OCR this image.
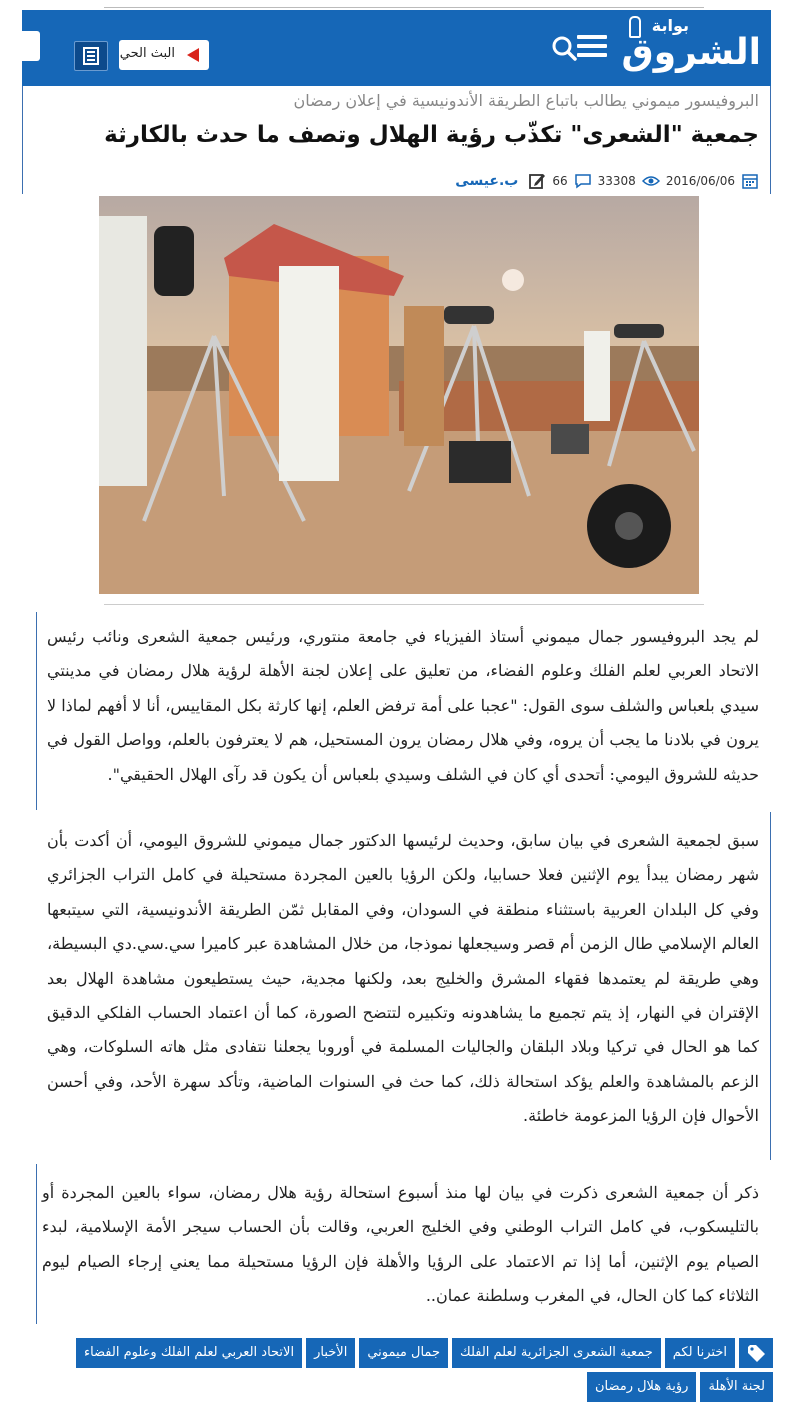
بوابة
الشروق
البث الحي
البروفيسور ميموني يطالب باتباع الطريقة الأندونيسية في إعلان رمضان
جمعية "الشعرى" تكذّب رؤية الهلال وتصف ما حدث بالكارثة
2016/06/06
33308
66
ب.عيسى

لم يجد البروفيسور جمال ميموني أستاذ الفيزياء في جامعة منتوري، ورئيس جمعية الشعرى ونائب رئيس الاتحاد العربي لعلم الفلك وعلوم الفضاء، من تعليق على إعلان لجنة الأهلة لرؤية هلال رمضان في مدينتي سيدي بلعباس والشلف سوى القول: "عجبا على أمة ترفض العلم، إنها كارثة بكل المقاييس، أنا لا أفهم لماذا لا يرون في بلادنا ما يجب أن يروه، وفي هلال رمضان يرون المستحيل، هم لا يعترفون بالعلم، وواصل القول في حديثه للشروق اليومي: أتحدى أي كان في الشلف وسيدي بلعباس أن يكون قد رآى الهلال الحقيقي".

سبق لجمعية الشعرى في بيان سابق، وحديث لرئيسها الدكتور جمال ميموني للشروق اليومي، أن أكدت بأن شهر رمضان يبدأ يوم الإثنين فعلا حسابيا، ولكن الرؤيا بالعين المجردة مستحيلة في كامل التراب الجزائري وفي كل البلدان العربية باستثناء منطقة في السودان، وفي المقابل ثمّن الطريقة الأندونيسية، التي سيتبعها العالم الإسلامي طال الزمن أم قصر وسيجعلها نموذجا، من خلال المشاهدة عبر كاميرا سي.سي.دي البسيطة، وهي طريقة لم يعتمدها فقهاء المشرق والخليج بعد، ولكنها مجدية، حيث يستطيعون مشاهدة الهلال بعد الإقتران في النهار، إذ يتم تجميع ما يشاهدونه وتكبيره لتتضح الصورة، كما أن اعتماد الحساب الفلكي الدقيق كما هو الحال في تركيا وبلاد البلقان والجاليات المسلمة في أوروبا يجعلنا نتفادى مثل هاته السلوكات، وهي الزعم بالمشاهدة والعلم يؤكد استحالة ذلك، كما حث في السنوات الماضية، وتأكد سهرة الأحد، وفي أحسن الأحوال فإن الرؤيا المزعومة خاطئة.

ذكر أن جمعية الشعرى ذكرت في بيان لها منذ أسبوع استحالة رؤية هلال رمضان، سواء بالعين المجردة أو بالتليسكوب، في كامل التراب الوطني وفي الخليج العربي، وقالت بأن الحساب سيجر الأمة الإسلامية، لبدء الصيام يوم الإثنين، أما إذا تم الاعتماد على الرؤيا والأهلة فإن الرؤيا مستحيلة مما يعني إرجاء الصيام ليوم الثلاثاء كما كان الحال، في المغرب وسلطنة عمان..

اخترنا لكم
جمعية الشعرى الجزائرية لعلم الفلك
جمال ميموني
الأخبار
الاتحاد العربي لعلم الفلك وعلوم الفضاء
لجنة الأهلة
رؤية هلال رمضان
